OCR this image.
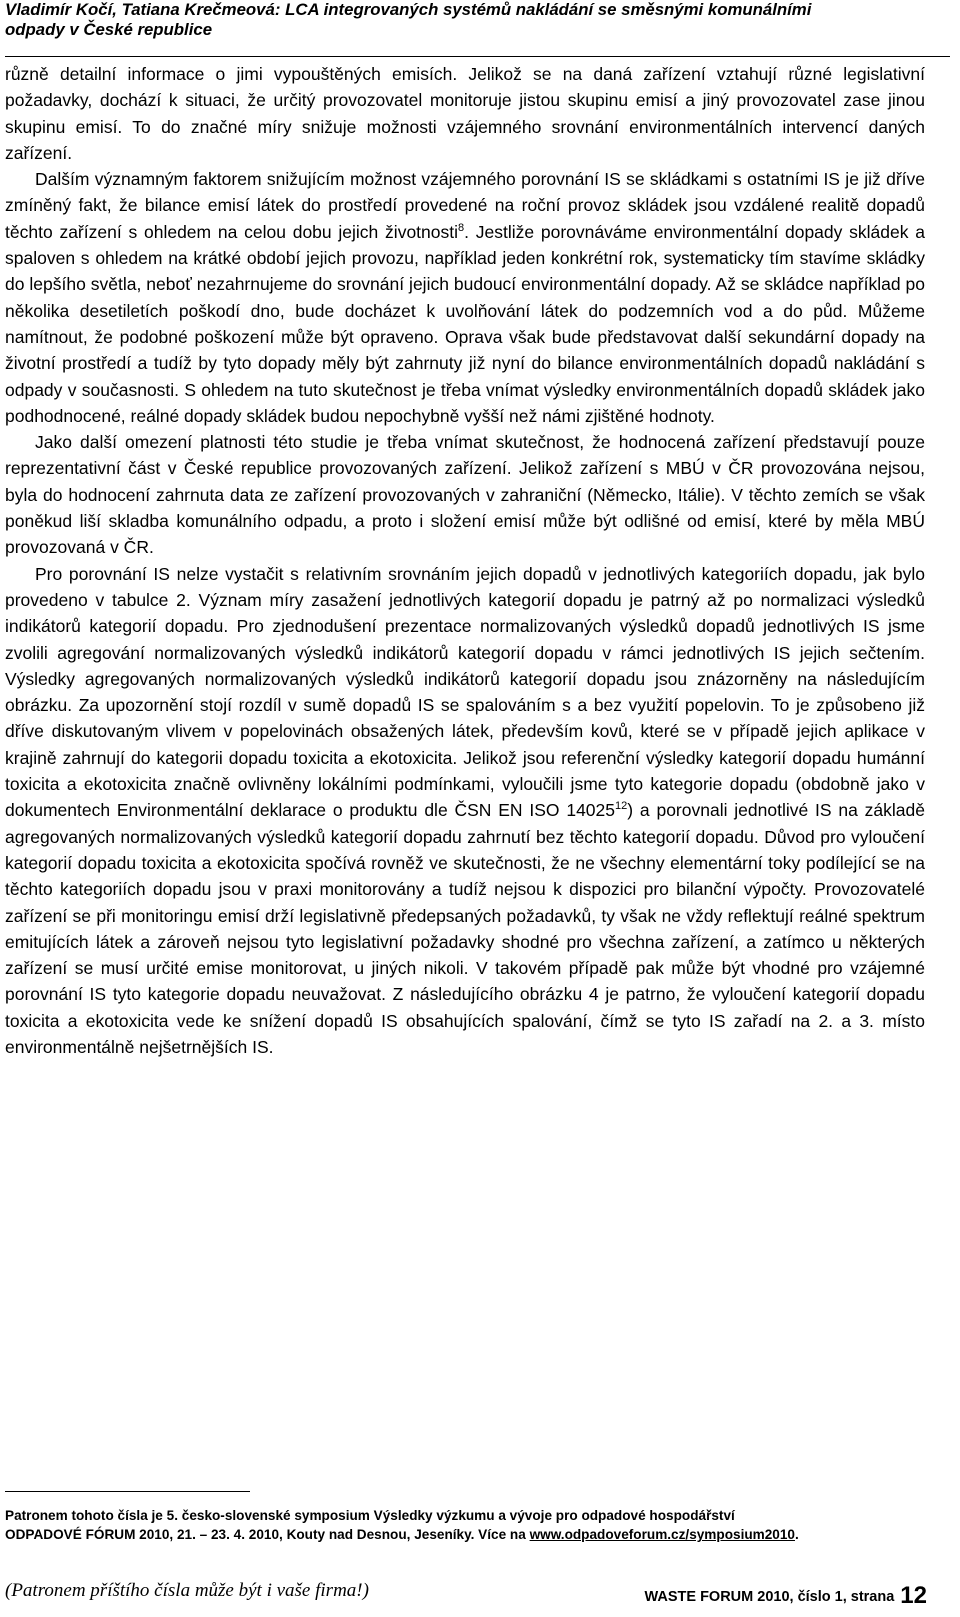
Vladimír Kočí, Tatiana Krečmeová: LCA integrovaných systémů nakládání se směsnými komunálními
odpady v České republice

různě detailní informace o jimi vypouštěných emisích. Jelikož se na daná zařízení vztahují různé legislativní požadavky, dochází k situaci, že určitý provozovatel monitoruje jistou skupinu emisí a jiný provozovatel zase jinou skupinu emisí. To do značné míry snižuje možnosti vzájemného srovnání environmentálních intervencí daných zařízení.

Dalším významným faktorem snižujícím možnost vzájemného porovnání IS se skládkami s ostatními IS je již dříve zmíněný fakt, že bilance emisí látek do prostředí provedené na roční provoz skládek jsou vzdálené realitě dopadů těchto zařízení s ohledem na celou dobu jejich životnosti$^8$. Jestliže porovnáváme environmentální dopady skládek a spaloven s ohledem na krátké období jejich provozu, například jeden konkrétní rok, systematicky tím stavíme skládky do lepšího světla, neboť nezahrnujeme do srovnání jejich budoucí environmentální dopady. Až se skládce například po několika desetiletích poškodí dno, bude docházet k uvolňování látek do podzemních vod a do půd. Můžeme namítnout, že podobné poškození může být opraveno. Oprava však bude představovat další sekundární dopady na životní prostředí a tudíž by tyto dopady měly být zahrnuty již nyní do bilance environmentálních dopadů nakládání s odpady v současnosti. S ohledem na tuto skutečnost je třeba vnímat výsledky environmentálních dopadů skládek jako podhodnocené, reálné dopady skládek budou nepochybně vyšší než námi zjištěné hodnoty.

Jako další omezení platnosti této studie je třeba vnímat skutečnost, že hodnocená zařízení představují pouze reprezentativní část v České republice provozovaných zařízení. Jelikož zařízení s MBÚ v ČR provozována nejsou, byla do hodnocení zahrnuta data ze zařízení provozovaných v zahraniční (Německo, Itálie). V těchto zemích se však poněkud liší skladba komunálního odpadu, a proto i složení emisí může být odlišné od emisí, které by měla MBÚ provozovaná v ČR.

Pro porovnání IS nelze vystačit s relativním srovnáním jejich dopadů v jednotlivých kategoriích dopadu, jak bylo provedeno v tabulce 2. Význam míry zasažení jednotlivých kategorií dopadu je patrný až po normalizaci výsledků indikátorů kategorií dopadu. Pro zjednodušení prezentace normalizovaných výsledků dopadů jednotlivých IS jsme zvolili agregování normalizovaných výsledků indikátorů kategorií dopadu v rámci jednotlivých IS jejich sečtením. Výsledky agregovaných normalizovaných výsledků indikátorů kategorií dopadu jsou znázorněny na následujícím obrázku. Za upozornění stojí rozdíl v sumě dopadů IS se spalováním s a bez využití popelovin. To je způsobeno již dříve diskutovaným vlivem v popelovinách obsažených látek, především kovů, které se v případě jejich aplikace v krajině zahrnují do kategorii dopadu toxicita a ekotoxicita. Jelikož jsou referenční výsledky kategorií dopadu humánní toxicita a ekotoxicita značně ovlivněny lokálními podmínkami, vyloučili jsme tyto kategorie dopadu (obdobně jako v dokumentech Environmentální deklarace o produktu dle ČSN EN ISO 14025$^{12}$) a porovnali jednotlivé IS na základě agregovaných normalizovaných výsledků kategorií dopadu zahrnutí bez těchto kategorií dopadu. Důvod pro vyloučení kategorií dopadu toxicita a ekotoxicita spočívá rovněž ve skutečnosti, že ne všechny elementární toky podílející se na těchto kategoriích dopadu jsou v praxi monitorovány a tudíž nejsou k dispozici pro bilanční výpočty. Provozovatelé zařízení se při monitoringu emisí drží legislativně předepsaných požadavků, ty však ne vždy reflektují reálné spektrum emitujících látek a zároveň nejsou tyto legislativní požadavky shodné pro všechna zařízení, a zatímco u některých zařízení se musí určité emise monitorovat, u jiných nikoli. V takovém případě pak může být vhodné pro vzájemné porovnání IS tyto kategorie dopadu neuvažovat. Z následujícího obrázku 4 je patrno, že vyloučení kategorií dopadu toxicita a ekotoxicita vede ke snížení dopadů IS obsahujících spalování, čímž se tyto IS zařadí na 2. a 3. místo environmentálně nejšetrnějších IS.

Patronem tohoto čísla je 5. česko-slovenské symposium Výsledky výzkumu a vývoje pro odpadové hospodářství
ODPADOVÉ FÓRUM 2010, 21. – 23. 4. 2010, Kouty nad Desnou, Jeseníky. Více na www.odpadoveforum.cz/symposium2010.
(Patronem příštího čísla může být i vaše firma!)	WASTE FORUM 2010, číslo 1, strana 12
